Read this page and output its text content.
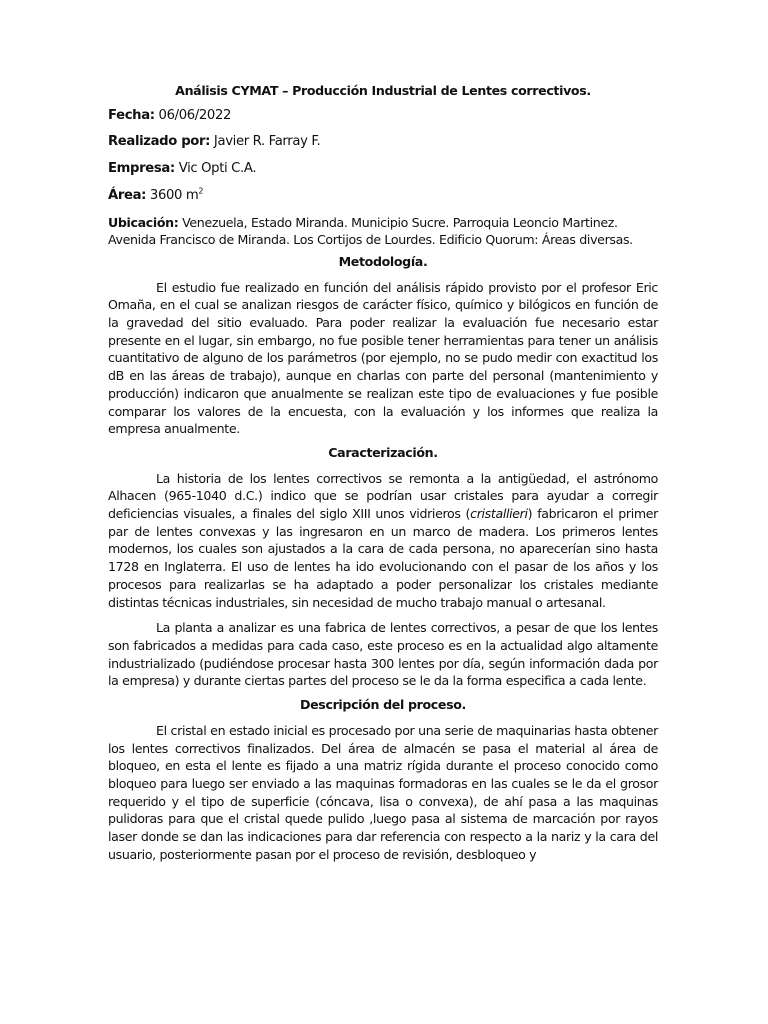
Análisis CYMAT – Producción Industrial de Lentes correctivos.
Fecha: 06/06/2022
Realizado por: Javier R. Farray F.
Empresa: Vic Opti C.A.
Área: 3600 $m^2$
Ubicación: Venezuela, Estado Miranda. Municipio Sucre. Parroquia Leoncio Martinez. Avenida Francisco de Miranda. Los Cortijos de Lourdes. Edificio Quorum: Áreas diversas.
Metodología.

El estudio fue realizado en función del análisis rápido provisto por el profesor Eric Omaña, en el cual se analizan riesgos de carácter físico, químico y bilógicos en función de la gravedad del sitio evaluado. Para poder realizar la evaluación fue necesario estar presente en el lugar, sin embargo, no fue posible tener herramientas para tener un análisis cuantitativo de alguno de los parámetros (por ejemplo, no se pudo medir con exactitud los dB en las áreas de trabajo), aunque en charlas con parte del personal (mantenimiento y producción) indicaron que anualmente se realizan este tipo de evaluaciones y fue posible comparar los valores de la encuesta, con la evaluación y los informes que realiza la empresa anualmente.

Caracterización.

La historia de los lentes correctivos se remonta a la antigüedad, el astrónomo Alhacen (965-1040 d.C.) indico que se podrían usar cristales para ayudar a corregir deficiencias visuales, a finales del siglo XIII unos vidrieros (cristallieri) fabricaron el primer par de lentes convexas y las ingresaron en un marco de madera. Los primeros lentes modernos, los cuales son ajustados a la cara de cada persona, no aparecerían sino hasta 1728 en Inglaterra. El uso de lentes ha ido evolucionando con el pasar de los años y los procesos para realizarlas se ha adaptado a poder personalizar los cristales mediante distintas técnicas industriales, sin necesidad de mucho trabajo manual o artesanal.

La planta a analizar es una fabrica de lentes correctivos, a pesar de que los lentes son fabricados a medidas para cada caso, este proceso es en la actualidad algo altamente industrializado (pudiéndose procesar hasta 300 lentes por día, según información dada por la empresa) y durante ciertas partes del proceso se le da la forma especifica a cada lente.

Descripción del proceso.

El cristal en estado inicial es procesado por una serie de maquinarias hasta obtener los lentes correctivos finalizados. Del área de almacén se pasa el material al área de bloqueo, en esta el lente es fijado a una matriz rígida durante el proceso conocido como bloqueo para luego ser enviado a las maquinas formadoras en las cuales se le da el grosor requerido y el tipo de superficie (cóncava, lisa o convexa), de ahí pasa a las maquinas pulidoras para que el cristal quede pulido ,luego pasa al sistema de marcación por rayos laser donde se dan las indicaciones para dar referencia con respecto a la nariz y la cara del usuario, posteriormente pasan por el proceso de revisión, desbloqueo y
